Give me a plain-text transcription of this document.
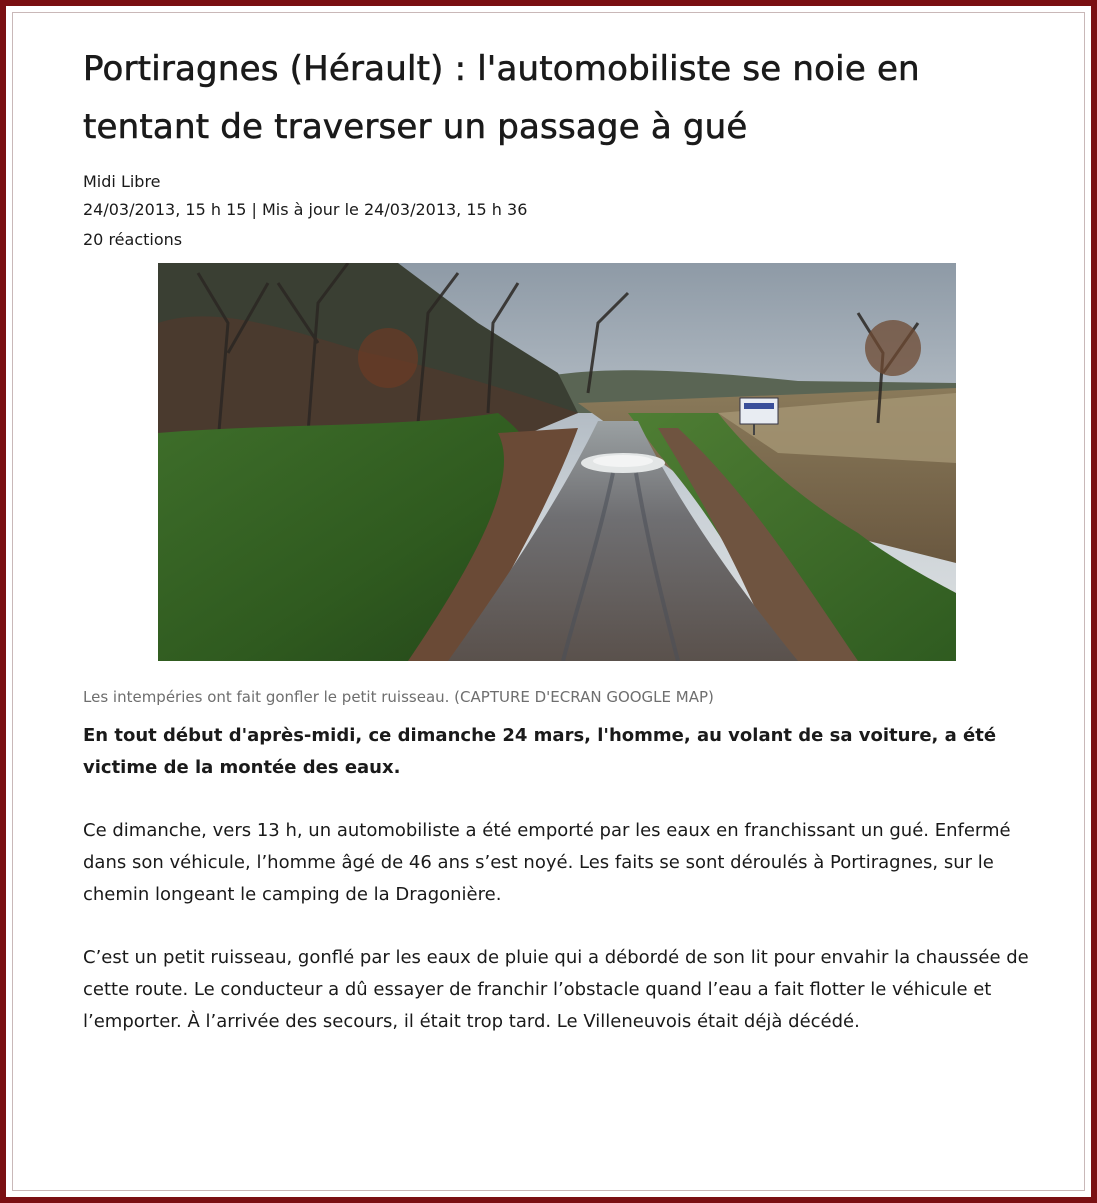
Portiragnes (Hérault) : l'automobiliste se noie en tentant de traverser un passage à gué
Midi Libre
24/03/2013, 15 h 15 | Mis à jour le 24/03/2013, 15 h 36
20 réactions
Les intempéries ont fait gonfler le petit ruisseau. (CAPTURE D'ECRAN GOOGLE MAP)
En tout début d'après-midi, ce dimanche 24 mars, l'homme, au volant de sa voiture, a été victime de la montée des eaux.
Ce dimanche, vers 13 h, un automobiliste a été emporté par les eaux en franchissant un gué. Enfermé dans son véhicule, l’homme âgé de 46 ans s’est noyé. Les faits se sont déroulés à Portiragnes, sur le chemin longeant le camping de la Dragonière.
C’est un petit ruisseau, gonflé par les eaux de pluie qui a débordé de son lit pour envahir la chaussée de cette route. Le conducteur a dû essayer de franchir l’obstacle quand l’eau a fait flotter le véhicule et l’emporter. À l’arrivée des secours, il était trop tard. Le Villeneuvois était déjà décédé.
